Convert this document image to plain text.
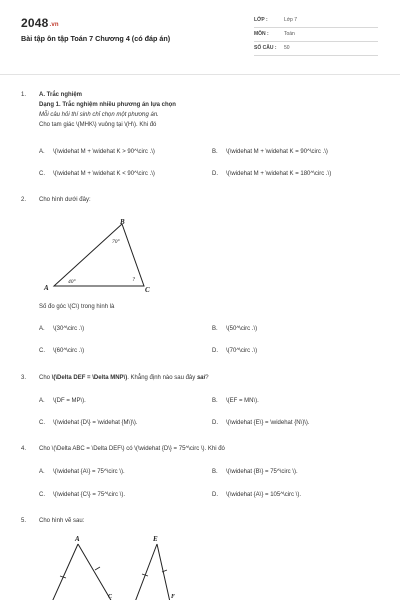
2048.vn
Bài tập ôn tập Toán 7 Chương 4 (có đáp án)
LỚP :	Lớp 7
MÔN :	Toán
SỐ CÂU : 50
1. A. Trắc nghiệm
Dạng 1. Trắc nghiệm nhiều phương án lựa chọn
Mỗi câu hỏi thí sinh chỉ chọn một phương án.
Cho tam giác \(MHK\) vuông tại \(H\). Khi đó
A. \(\widehat M + \widehat K > 90^\circ .\)	B. \(\widehat M + \widehat K = 90^\circ .\)
C. \(\widehat M + \widehat K < 90^\circ .\)	D. \(\widehat M + \widehat K = 180^\circ .\)
2. Cho hình dưới đây:
B
A	C
70°
40°	?
Số đo góc \(C\) trong hình là
A. \(30^\circ .\)	B. \(50^\circ .\)
C. \(60^\circ .\)	D. \(70^\circ .\)
3. Cho \(\Delta DEF = \Delta MNP\). Khẳng định nào sau đây sai?
A. \(DF = MP\).	B. \(EF = MN\).
C. \(\widehat {D\} = \widehat {M\}\).	D. \(\widehat {E\} = \widehat {N\}\).
4. Cho \(\Delta ABC = \Delta DEF\) có \(\widehat {D\} = 75^\circ \). Khi đó
A. \(\widehat {A\} = 75^\circ \).	B. \(\widehat {B\} = 75^\circ \).
C. \(\widehat {C\} = 75^\circ \).	D. \(\widehat {A\} = 105^\circ \).
5. Cho hình vẽ sau:
A
C
E
F
